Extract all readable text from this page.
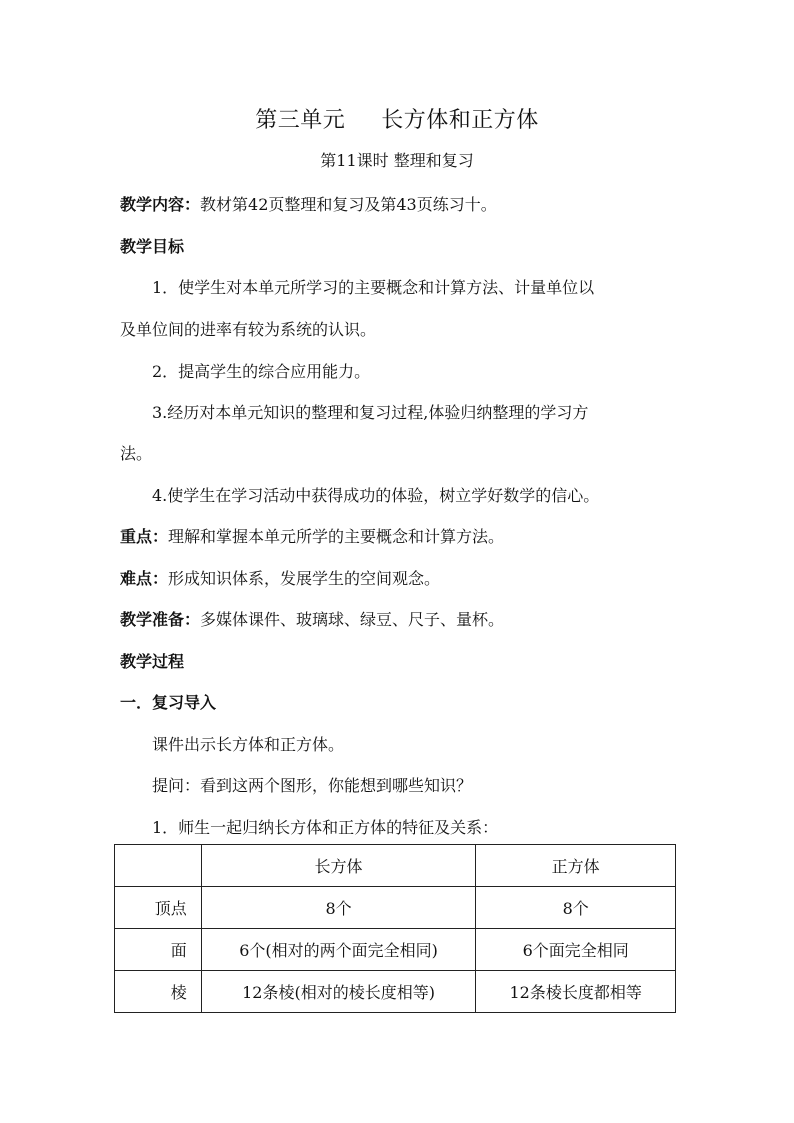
第三单元 长方体和正方体
第11课时 整理和复习
教学内容：教材第42页整理和复习及第43页练习十。
教学目标
1．使学生对本单元所学习的主要概念和计算方法、计量单位以
及单位间的进率有较为系统的认识。
2．提高学生的综合应用能力。
3.经历对本单元知识的整理和复习过程,体验归纳整理的学习方
法。
4.使学生在学习活动中获得成功的体验，树立学好数学的信心。
重点：理解和掌握本单元所学的主要概念和计算方法。
难点：形成知识体系，发展学生的空间观念。
教学准备：多媒体课件、玻璃球、绿豆、尺子、量杯。
教学过程
一．复习导入
课件出示长方体和正方体。
提问：看到这两个图形，你能想到哪些知识？
1．师生一起归纳长方体和正方体的特征及关系：
	长方体	正方体
顶点	8个	8个
面	6个(相对的两个面完全相同)	6个面完全相同
棱	12条棱(相对的棱长度相等)	12条棱长度都相等
